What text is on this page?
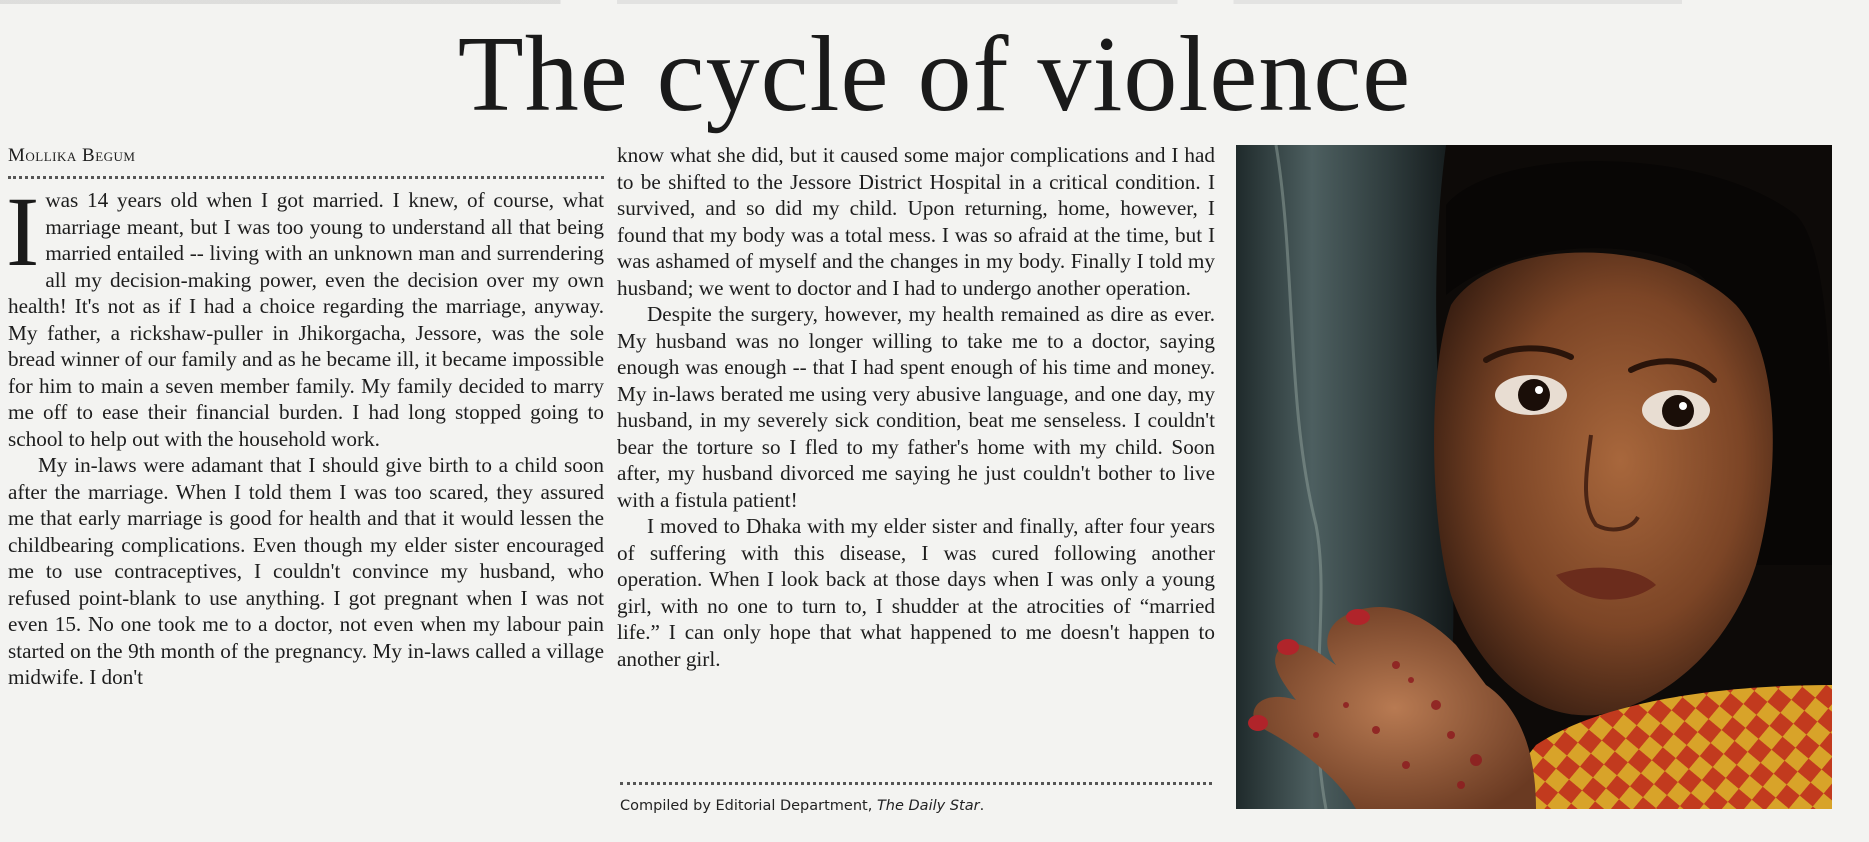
The cycle of violence
Mollika Begum

Iwas 14 years old when I got married. I knew, of course, what marriage meant, but I was too young to understand all that being married entailed -- living with an unknown man and surrendering all my decision-making power, even the decision over my own health! It's not as if I had a choice regarding the marriage, anyway. My father, a rickshaw-puller in Jhikorgacha, Jessore, was the sole bread winner of our family and as he became ill, it became impossible for him to main a seven member family. My family decided to marry me off to ease their financial burden. I had long stopped going to school to help out with the household work.

My in-laws were adamant that I should give birth to a child soon after the marriage. When I told them I was too scared, they assured me that early marriage is good for health and that it would lessen the childbearing complications. Even though my elder sister encouraged me to use contraceptives, I couldn't convince my husband, who refused point-blank to use anything. I got pregnant when I was not even 15. No one took me to a doctor, not even when my labour pain started on the 9th month of the pregnancy. My in-laws called a village midwife. I don't

know what she did, but it caused some major complications and I had to be shifted to the Jessore District Hospital in a critical condition. I survived, and so did my child. Upon returning, home, however, I found that my body was a total mess. I was so afraid at the time, but I was ashamed of myself and the changes in my body. Finally I told my husband; we went to doctor and I had to undergo another operation.

Despite the surgery, however, my health remained as dire as ever. My husband was no longer willing to take me to a doctor, saying enough was enough -- that I had spent enough of his time and money. My in-laws berated me using very abusive language, and one day, my husband, in my severely sick condition, beat me senseless. I couldn't bear the torture so I fled to my father's home with my child. Soon after, my husband divorced me saying he just couldn't bother to live with a fistula patient!

I moved to Dhaka with my elder sister and finally, after four years of suffering with this disease, I was cured following another operation. When I look back at those days when I was only a young girl, with no one to turn to, I shudder at the atrocities of “married life.” I can only hope that what happened to me doesn't happen to another girl.

Compiled by Editorial Department, The Daily Star.
